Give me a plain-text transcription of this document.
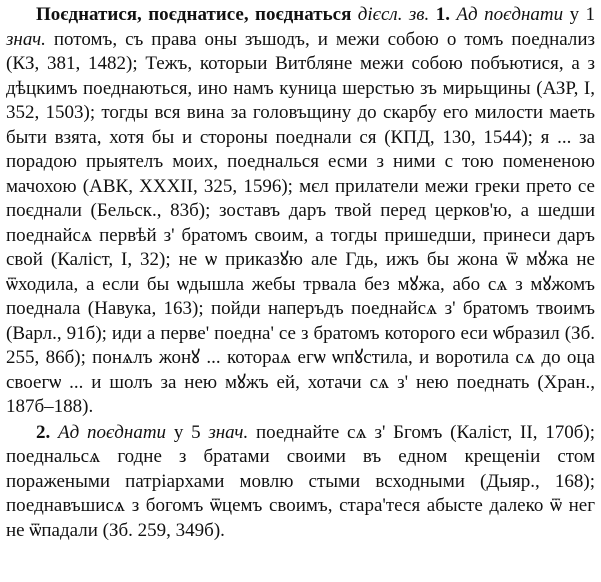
Поєднатися, поєднатисе, поєднаться дієсл. зв. 1. Ад поєднати у 1 знач. потомъ, съ права оны зъшодъ, и межи собою о томъ поеднализ (КЗ, 381, 1482); Тежъ, которыи Витбляне межи собою побъютися, а з дѣцкимъ поеднаються, ино намъ куница шерстью зъ мирьщины (АЗР, I, 352, 1503); тогды вся вина за головъщину до скарбу его милости маеть быти взята, хотя бы и стороны поеднали ся (КПД, 130, 1544); я ... за порадою прыятелъ моих, поедналься есми з ними с тою помененою мачохою (АВК, XXXII, 325, 1596); мєл прилатели межи греки прето се поєднали (Бельск., 83б); зоставъ даръ твой перед церков'ю, а шедши поеднайсѧ первѣй з' братомъ своим, а тогды пришедши, принеси даръ свой (Каліст, I, 32); не ѡ приказꙋю але Гдь, ижъ бы жона ѿ мꙋжа не ѿходила, а если бы ѡдышла жебы трвала без мꙋжа, або сѧ з мꙋжомъ поеднала (Навука, 163); пойди наперъдъ поеднайсѧ з' братомъ твоимъ (Варл., 91б); иди а перве' поедна' се з братомъ которого еси ѡбразил (Зб. 255, 86б); понѧлъ жонꙋ ... котораѧ егѡ ѡпꙋстила, и воротила сѧ до оца своегѡ ... и шолъ за нею мꙋжъ ей, хотачи сѧ з' нею поеднать (Хран., 187б–188).

2. Ад поєднати у 5 знач. поеднайте сѧ з' Бгомъ (Каліст, II, 170б); поеднальсѧ годне з братами своими въ едном крещеніи стом поражеными патріархами мовлю стыми всходными (Дыяр., 168); поеднавъшисѧ з богомъ ѿцемъ своимъ, стара'теся абысте далеко ѿ нег не ѿпадали (Зб. 259, 349б).
